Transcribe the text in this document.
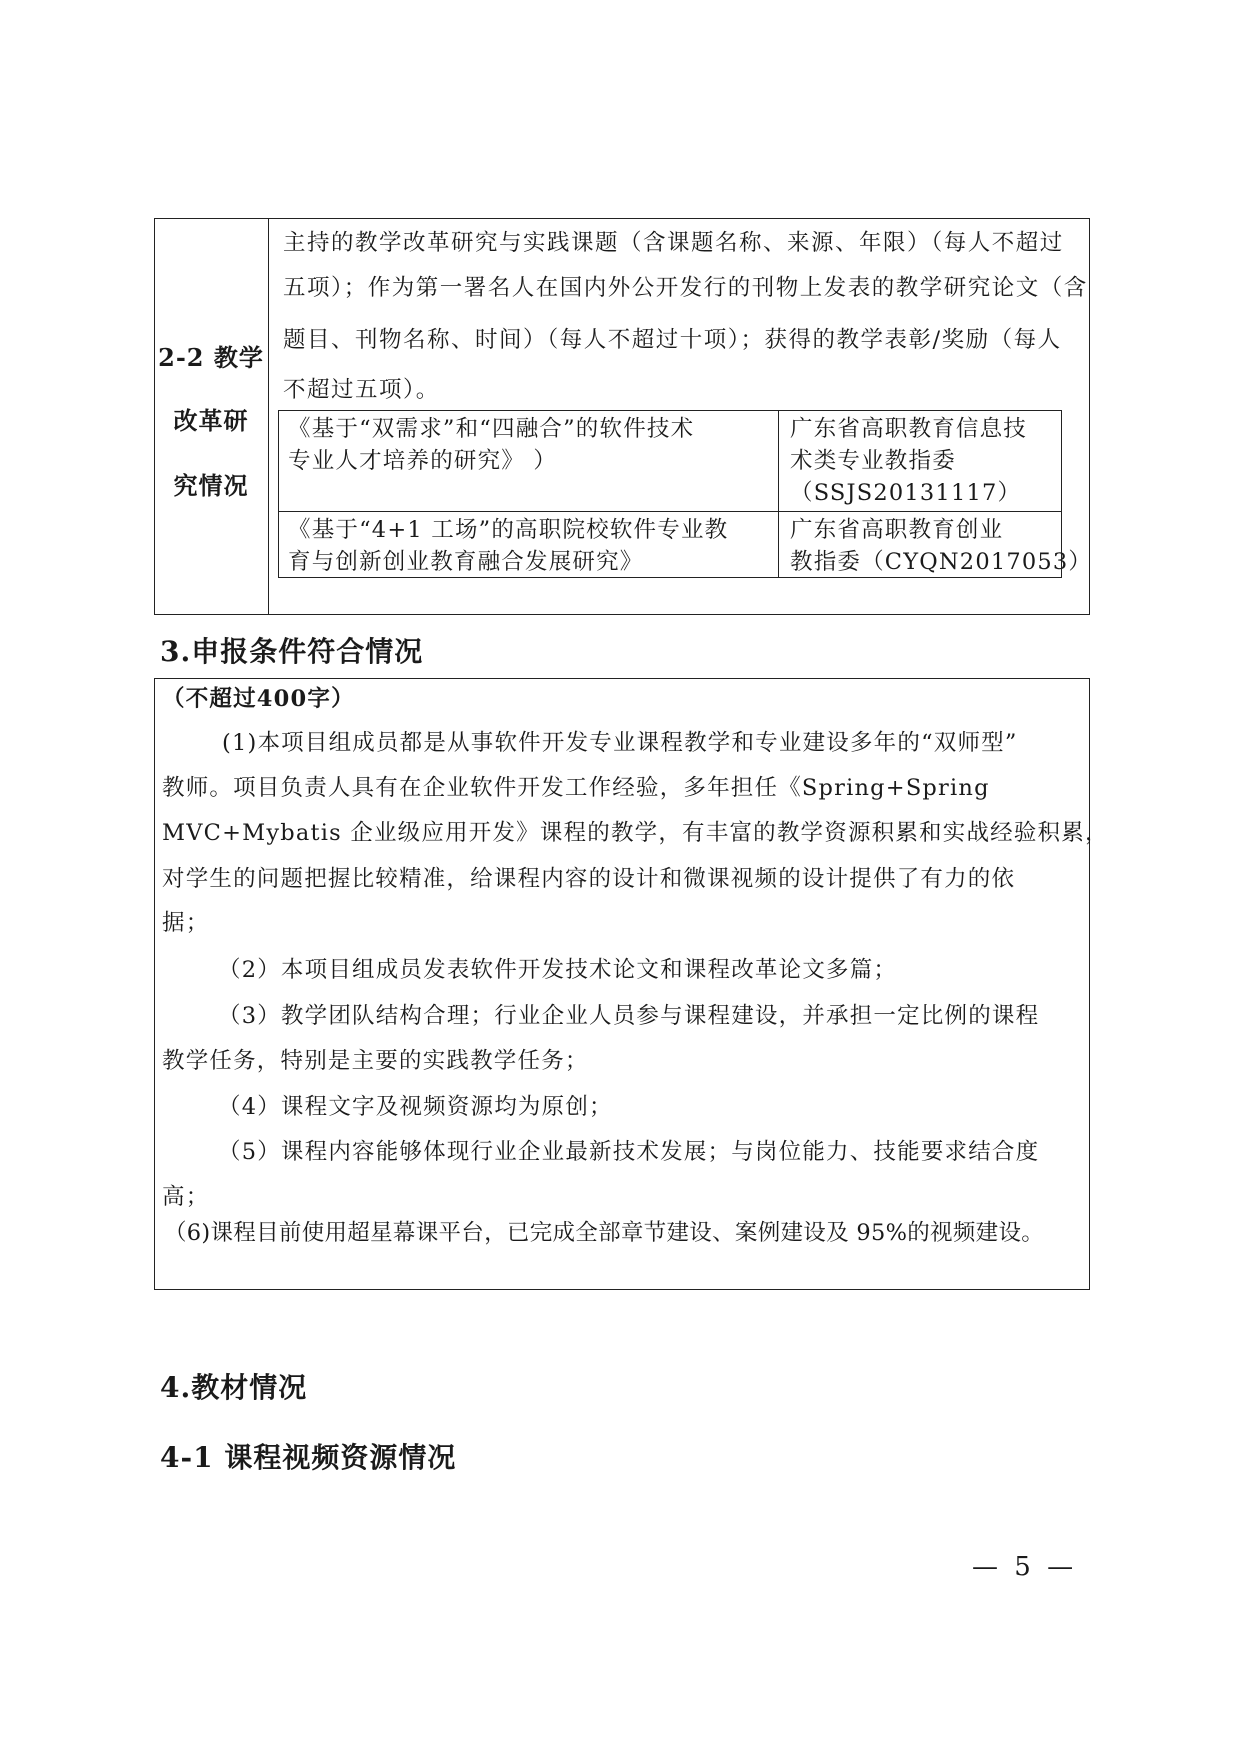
2-2 教学
改革研
究情况
主持的教学改革研究与实践课题（含课题名称、来源、年限）（每人不超过
五项）；作为第一署名人在国内外公开发行的刊物上发表的教学研究论文（含
题目、刊物名称、时间）（每人不超过十项）；获得的教学表彰/奖励（每人
不超过五项）。
《基于“双需求”和“四融合”的软件技术
专业人才培养的研究》 ）
广东省高职教育信息技
术类专业教指委
（SSJS20131117）
《基于“4+1 工场”的高职院校软件专业教
育与创新创业教育融合发展研究》
广东省高职教育创业
教指委（CYQN2017053）
3.申报条件符合情况
（不超过400字）
(1)本项目组成员都是从事软件开发专业课程教学和专业建设多年的“双师型”
教师。项目负责人具有在企业软件开发工作经验，多年担任《Spring+Spring
MVC+Mybatis 企业级应用开发》课程的教学，有丰富的教学资源积累和实战经验积累，
对学生的问题把握比较精准，给课程内容的设计和微课视频的设计提供了有力的依
据；
（2）本项目组成员发表软件开发技术论文和课程改革论文多篇；
（3）教学团队结构合理；行业企业人员参与课程建设，并承担一定比例的课程
教学任务，特别是主要的实践教学任务；
（4）课程文字及视频资源均为原创；
（5）课程内容能够体现行业企业最新技术发展；与岗位能力、技能要求结合度
高；
（6)课程目前使用超星幕课平台，已完成全部章节建设、案例建设及 95%的视频建设。
4.教材情况
4-1 课程视频资源情况
— 5 —
